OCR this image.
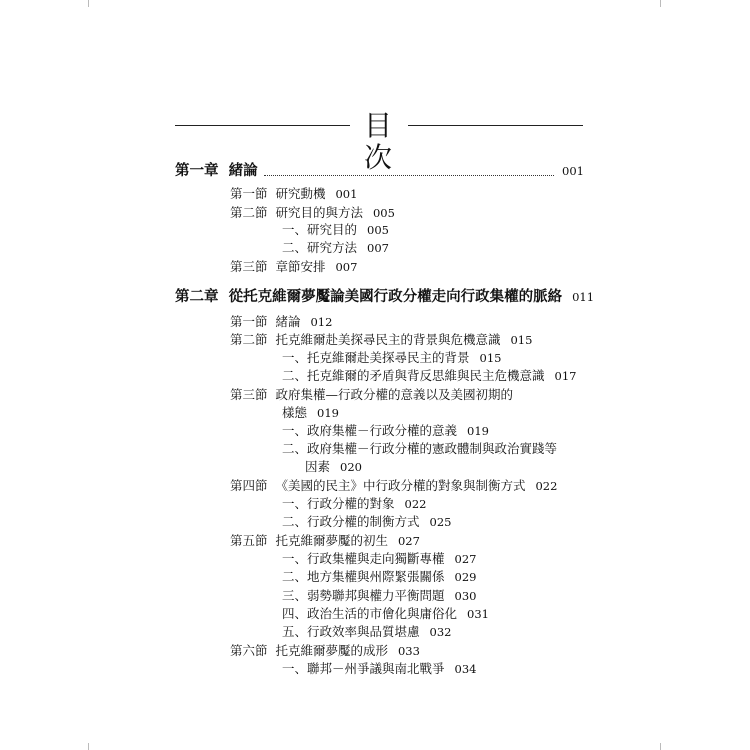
目次
第一章 緒論	001
第一節 研究動機 001
第二節 研究目的與方法 005
一、研究目的 005
二、研究方法 007
第三節 章節安排 007
第二章 從托克維爾夢魘論美國行政分權走向行政集權的脈絡 011
第一節 緒論 012
第二節 托克維爾赴美探尋民主的背景與危機意識 015
一、托克維爾赴美探尋民主的背景 015
二、托克維爾的矛盾與背反思維與民主危機意識 017
第三節 政府集權—行政分權的意義以及美國初期的
樣態 019
一、政府集權－行政分權的意義 019
二、政府集權－行政分權的憲政體制與政治實踐等
因素 020
第四節 《美國的民主》中行政分權的對象與制衡方式 022
一、行政分權的對象 022
二、行政分權的制衡方式 025
第五節 托克維爾夢魘的初生 027
一、行政集權與走向獨斷專權 027
二、地方集權與州際緊張關係 029
三、弱勢聯邦與權力平衡問題 030
四、政治生活的市儈化與庸俗化 031
五、行政效率與品質堪慮 032
第六節 托克維爾夢魘的成形 033
一、聯邦－州爭議與南北戰爭 034
